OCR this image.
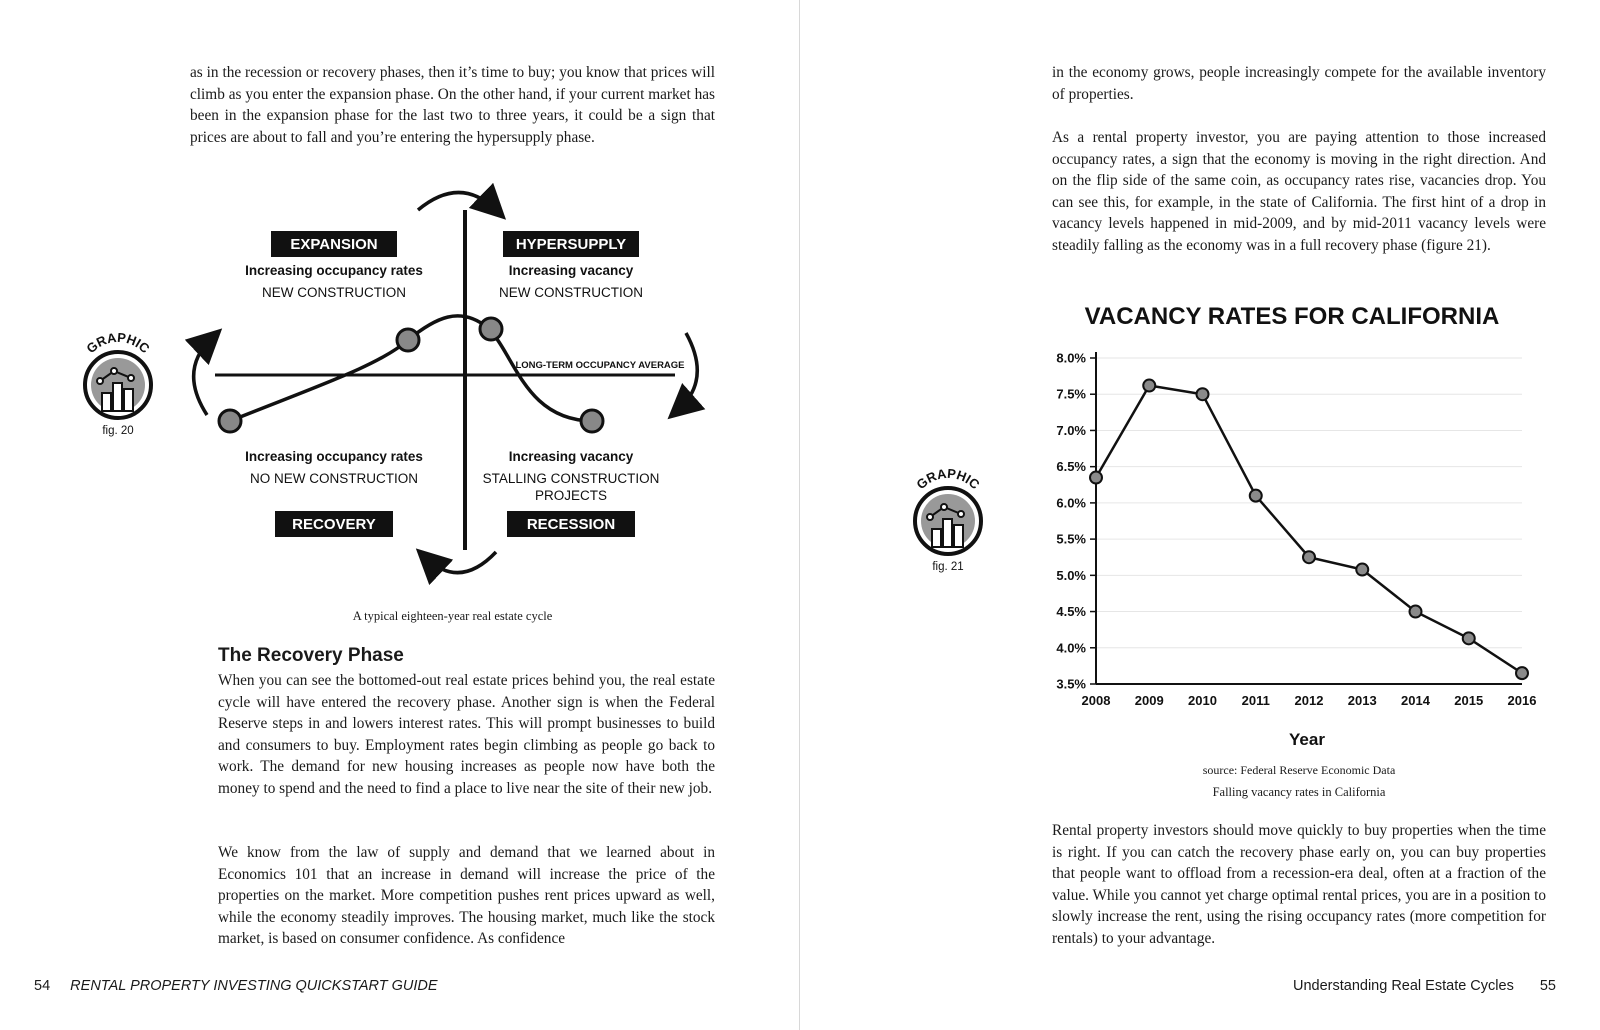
as in the recession or recovery phases, then it’s time to buy; you know that prices will climb as you enter the expansion phase. On the other hand, if your current market has been in the expansion phase for the last two to three years, it could be a sign that prices are about to fall and you’re entering the hypersupply phase.

GRAPHIC
fig. 20
LONG-TERM OCCUPANCY AVERAGE
EXPANSION
Increasing occupancy rates
NEW CONSTRUCTION
HYPERSUPPLY
Increasing vacancy
NEW CONSTRUCTION
Increasing occupancy rates
NO NEW CONSTRUCTION
RECOVERY
Increasing vacancy
STALLING CONSTRUCTION
PROJECTS
RECESSION
A typical eighteen-year real estate cycle
The Recovery Phase

When you can see the bottomed-out real estate prices behind you, the real estate cycle will have entered the recovery phase. Another sign is when the Federal Reserve steps in and lowers interest rates. This will prompt businesses to build and consumers to buy. Employment rates begin climbing as people go back to work. The demand for new housing increases as people now have both the money to spend and the need to find a place to live near the site of their new job.

We know from the law of supply and demand that we learned about in Economics 101 that an increase in demand will increase the price of the properties on the market. More competition pushes rent prices upward as well, while the economy steadily improves. The housing market, much like the stock market, is based on consumer confidence. As confidence

54 RENTAL PROPERTY INVESTING QUICKSTART GUIDE

in the economy grows, people increasingly compete for the available inventory of properties.

As a rental property investor, you are paying attention to those increased occupancy rates, a sign that the economy is moving in the right direction. And on the flip side of the same coin, as occupancy rates rise, vacancies drop. You can see this, for example, in the state of California. The first hint of a drop in vacancy levels happened in mid-2009, and by mid-2011 vacancy levels were steadily falling as the economy was in a full recovery phase (figure 21).

GRAPHIC
fig. 21
VACANCY RATES FOR CALIFORNIA
3.5%
4.0%
4.5%
5.0%
5.5%
6.0%
6.5%
7.0%
7.5%
8.0%
2008 2009 2010 2011 2012 2013 2014 2015 2016
Year
source: Federal Reserve Economic Data
Falling vacancy rates in California

Rental property investors should move quickly to buy properties when the time is right. If you can catch the recovery phase early on, you can buy properties that people want to offload from a recession-era deal, often at a fraction of the value. While you cannot yet charge optimal rental prices, you are in a position to slowly increase the rent, using the rising occupancy rates (more competition for rentals) to your advantage.

Understanding Real Estate Cycles 55
